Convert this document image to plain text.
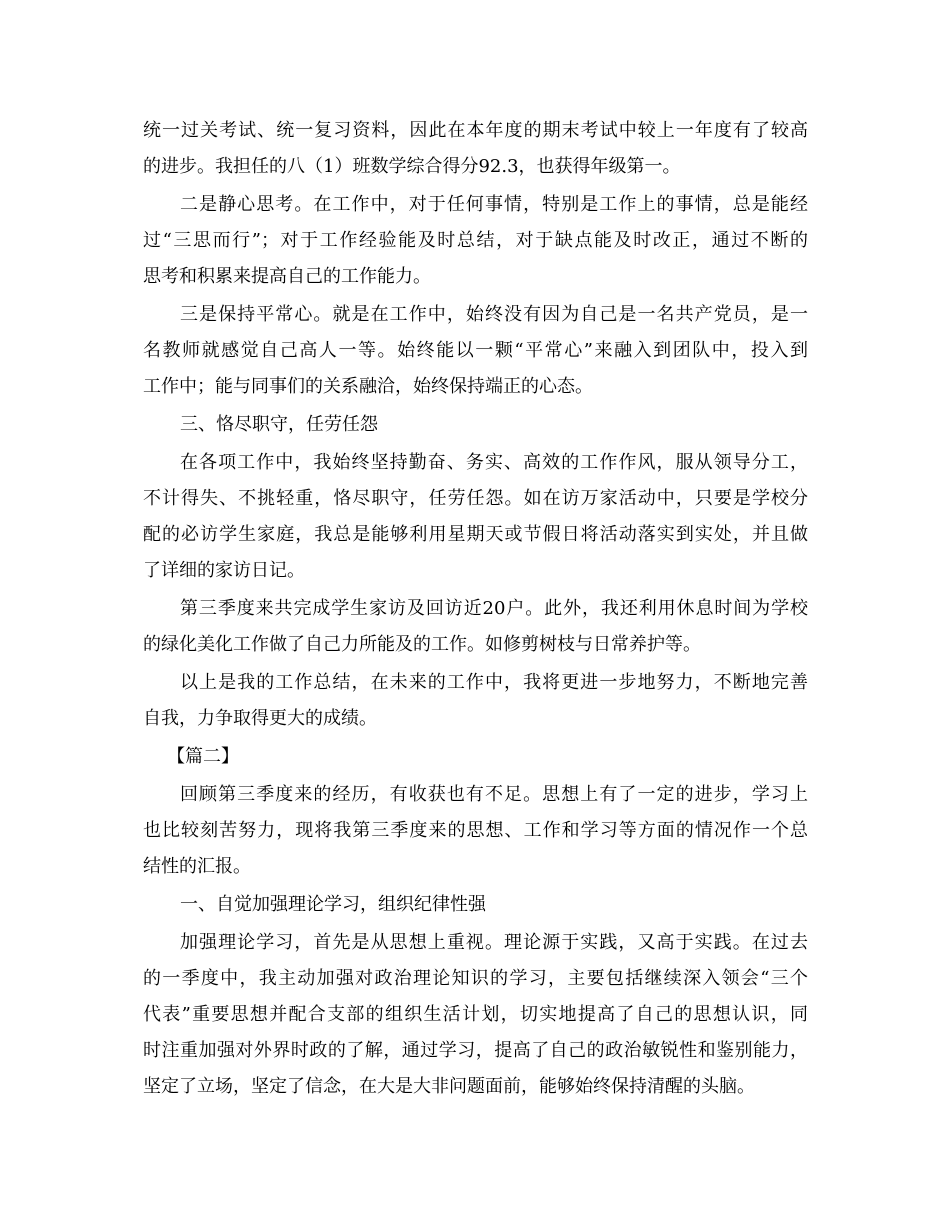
统一过关考试、统一复习资料，因此在本年度的期末考试中较上一年度有了较高
的进步。我担任的八（1）班数学综合得分92.3，也获得年级第一。
二是静心思考。在工作中，对于任何事情，特别是工作上的事情，总是能经
过“三思而行”；对于工作经验能及时总结，对于缺点能及时改正，通过不断的
思考和积累来提高自己的工作能力。
三是保持平常心。就是在工作中，始终没有因为自己是一名共产党员，是一
名教师就感觉自己高人一等。始终能以一颗“平常心”来融入到团队中，投入到
工作中；能与同事们的关系融洽，始终保持端正的心态。
三、恪尽职守，任劳任怨
在各项工作中，我始终坚持勤奋、务实、高效的工作作风，服从领导分工，
不计得失、不挑轻重，恪尽职守，任劳任怨。如在访万家活动中，只要是学校分
配的必访学生家庭，我总是能够利用星期天或节假日将活动落实到实处，并且做
了详细的家访日记。
第三季度来共完成学生家访及回访近20户。此外，我还利用休息时间为学校
的绿化美化工作做了自己力所能及的工作。如修剪树枝与日常养护等。
以上是我的工作总结，在未来的工作中，我将更进一步地努力，不断地完善
自我，力争取得更大的成绩。
【篇二】
回顾第三季度来的经历，有收获也有不足。思想上有了一定的进步，学习上
也比较刻苦努力，现将我第三季度来的思想、工作和学习等方面的情况作一个总
结性的汇报。
一、自觉加强理论学习，组织纪律性强
加强理论学习，首先是从思想上重视。理论源于实践，又高于实践。在过去
的一季度中，我主动加强对政治理论知识的学习，主要包括继续深入领会“三个
代表”重要思想并配合支部的组织生活计划，切实地提高了自己的思想认识，同
时注重加强对外界时政的了解，通过学习，提高了自己的政治敏锐性和鉴别能力，
坚定了立场，坚定了信念，在大是大非问题面前，能够始终保持清醒的头脑。
